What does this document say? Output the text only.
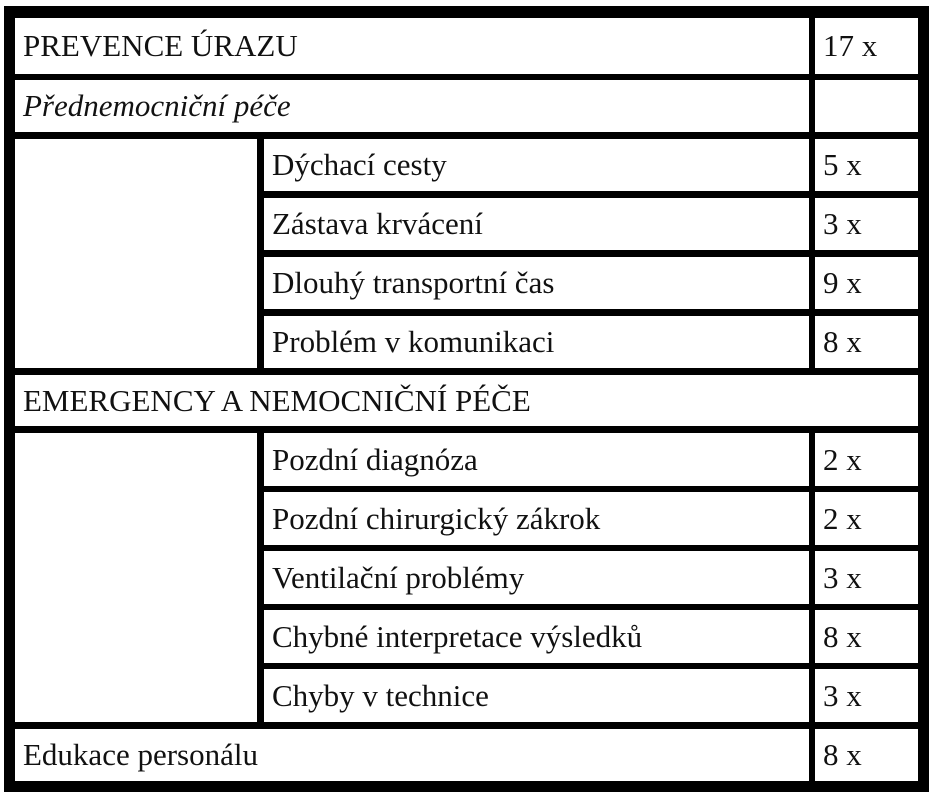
PREVENCE ÚRAZU	17 x
Přednemocniční péče
Dýchací cesty	5 x
Zástava krvácení	3 x
Dlouhý transportní čas	9 x
Problém v komunikaci	8 x
EMERGENCY A NEMOCNIČNÍ PÉČE
Pozdní diagnóza	2 x
Pozdní chirurgický zákrok	2 x
Ventilační problémy	3 x
Chybné interpretace výsledků	8 x
Chyby v technice	3 x
Edukace personálu	8 x
